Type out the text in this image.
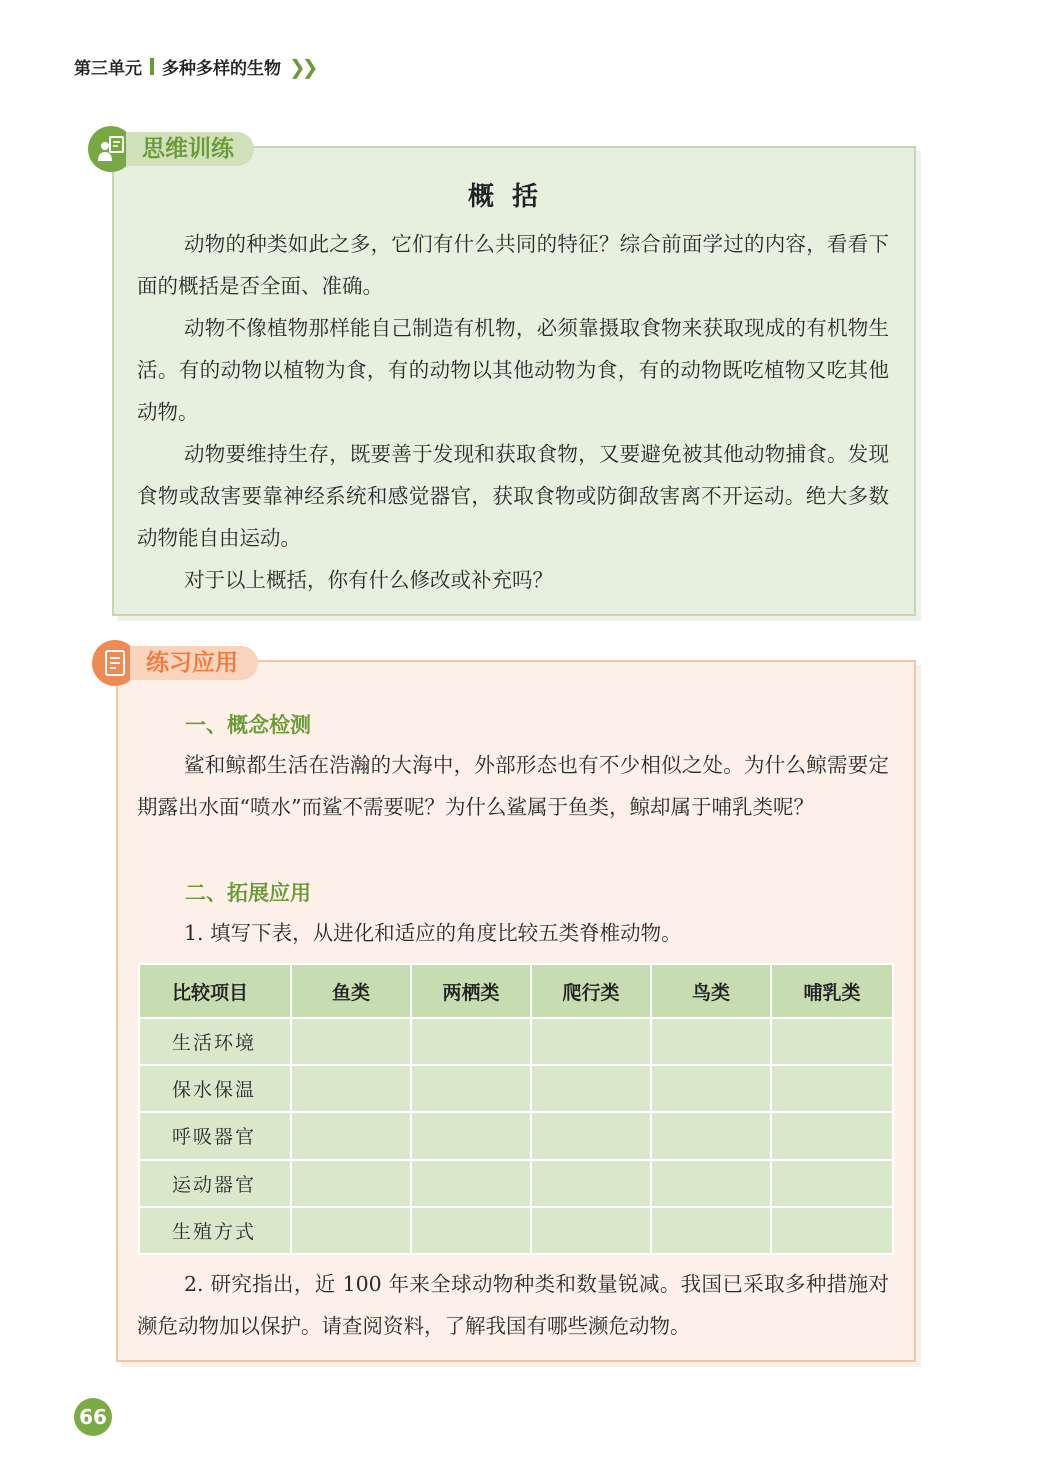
第三单元 多种多样的生物 ❯❯
思维训练
概括

动物的种类如此之多，它们有什么共同的特征？综合前面学过的内容，看看下面的概括是否全面、准确。

动物不像植物那样能自己制造有机物，必须靠摄取食物来获取现成的有机物生活。有的动物以植物为食，有的动物以其他动物为食，有的动物既吃植物又吃其他动物。

动物要维持生存，既要善于发现和获取食物，又要避免被其他动物捕食。发现食物或敌害要靠神经系统和感觉器官，获取食物或防御敌害离不开运动。绝大多数动物能自由运动。

对于以上概括，你有什么修改或补充吗？

练习应用
一、概念检测

鲨和鲸都生活在浩瀚的大海中，外部形态也有不少相似之处。为什么鲸需要定期露出水面“喷水”而鲨不需要呢？为什么鲨属于鱼类，鲸却属于哺乳类呢？

二、拓展应用

1. 填写下表，从进化和适应的角度比较五类脊椎动物。

比较项目	鱼类	两栖类	爬行类	鸟类	哺乳类
生活环境					
保水保温					
呼吸器官					
运动器官					
生殖方式					

2. 研究指出，近 100 年来全球动物种类和数量锐减。我国已采取多种措施对濒危动物加以保护。请查阅资料，了解我国有哪些濒危动物。

66
